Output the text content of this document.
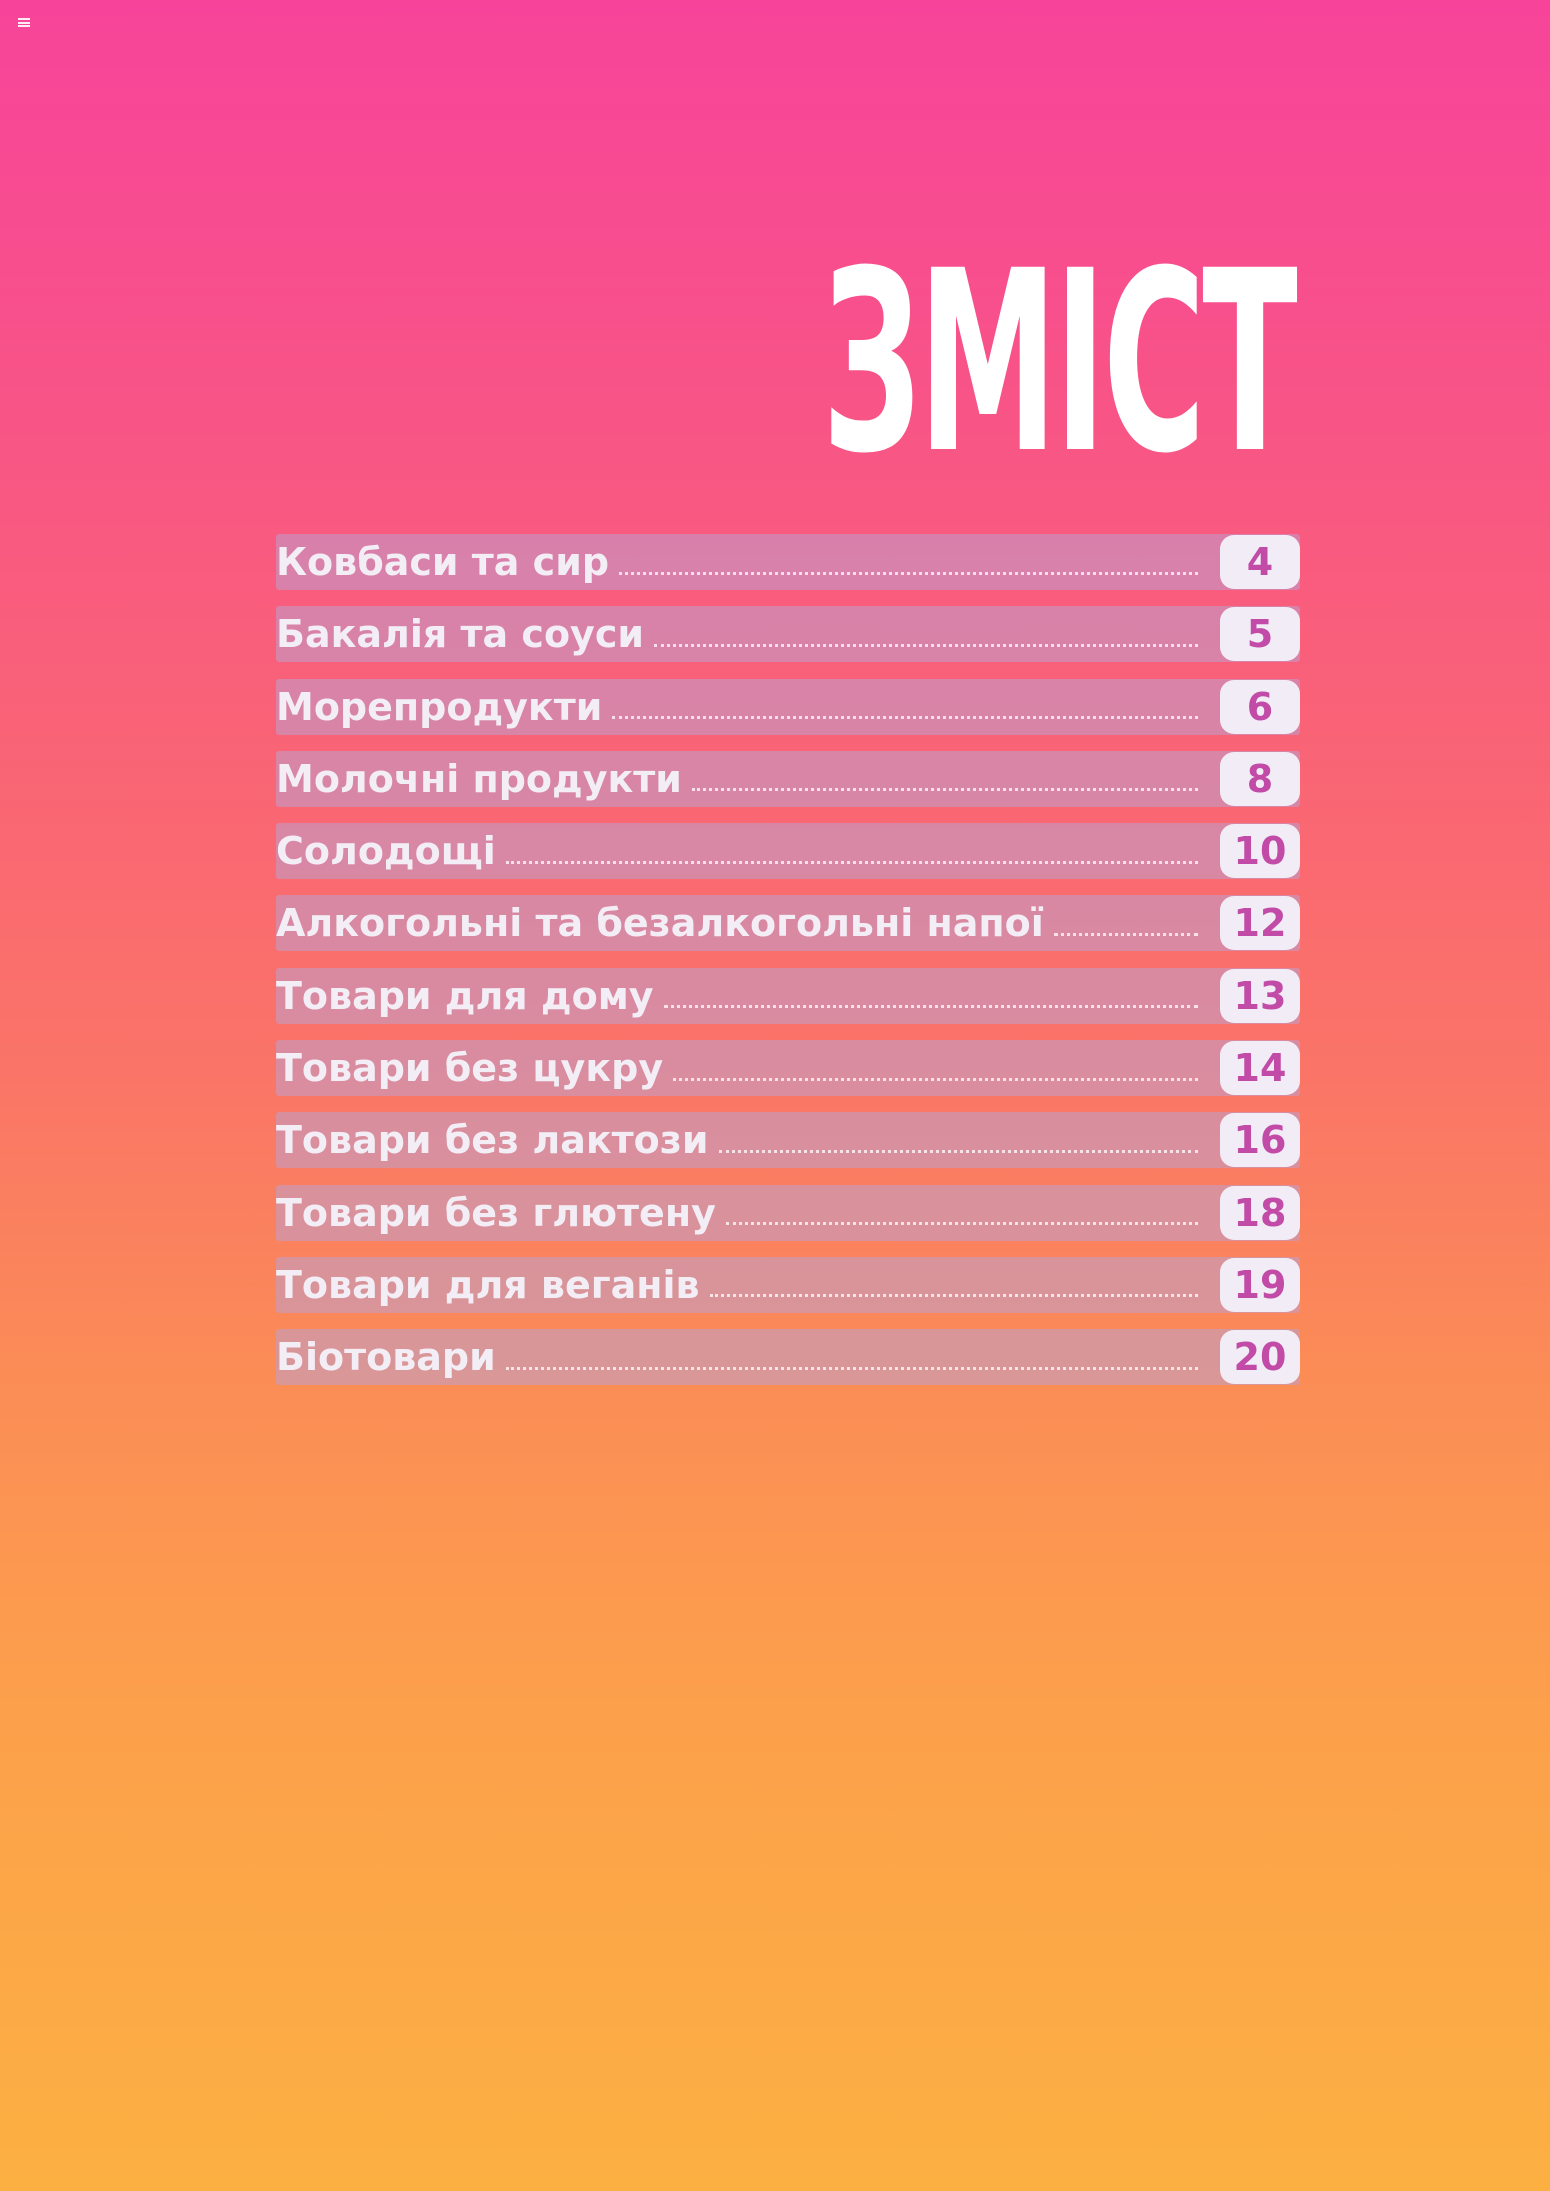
ЗМІСТ
Ковбаси та сир	4
Бакалія та соуси	5
Морепродукти	6
Молочні продукти	8
Солодощі	10
Алкогольні та безалкогольні напої	12
Товари для дому	13
Товари без цукру	14
Товари без лактози	16
Товари без глютену	18
Товари для веганів	19
Біотовари	20
